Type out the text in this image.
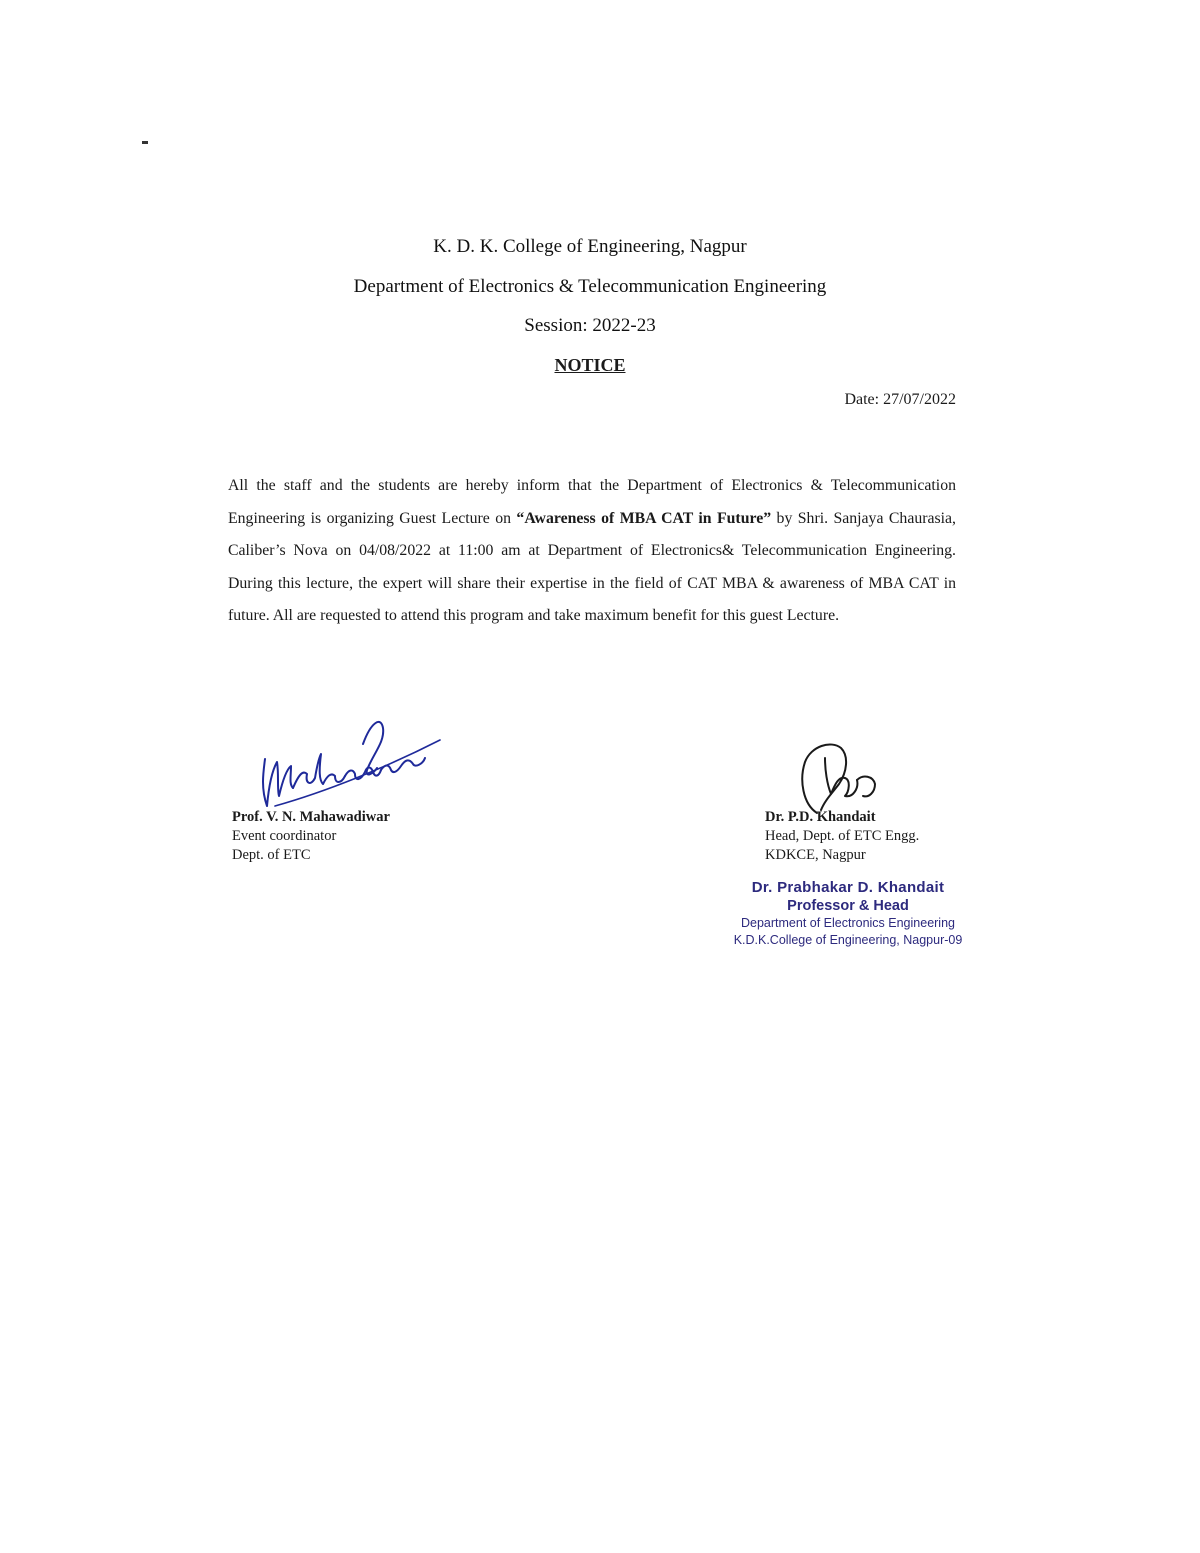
K. D. K. College of Engineering, Nagpur
Department of Electronics & Telecommunication Engineering
Session: 2022-23
NOTICE
Date: 27/07/2022
All the staff and the students are hereby inform that the Department of Electronics & Telecommunication Engineering is organizing Guest Lecture on “Awareness of MBA CAT in Future” by Shri. Sanjaya Chaurasia, Caliber’s Nova on 04/08/2022 at 11:00 am at Department of Electronics& Telecommunication Engineering. During this lecture, the expert will share their expertise in the field of CAT MBA & awareness of MBA CAT in future. All are requested to attend this program and take maximum benefit for this guest Lecture.
Prof. V. N. Mahawadiwar
Event coordinator
Dept. of ETC
Dr. P.D. Khandait
Head, Dept. of ETC Engg.
KDKCE, Nagpur
Dr. Prabhakar D. Khandait
Professor & Head
Department of Electronics Engineering
K.D.K.College of Engineering, Nagpur-09
